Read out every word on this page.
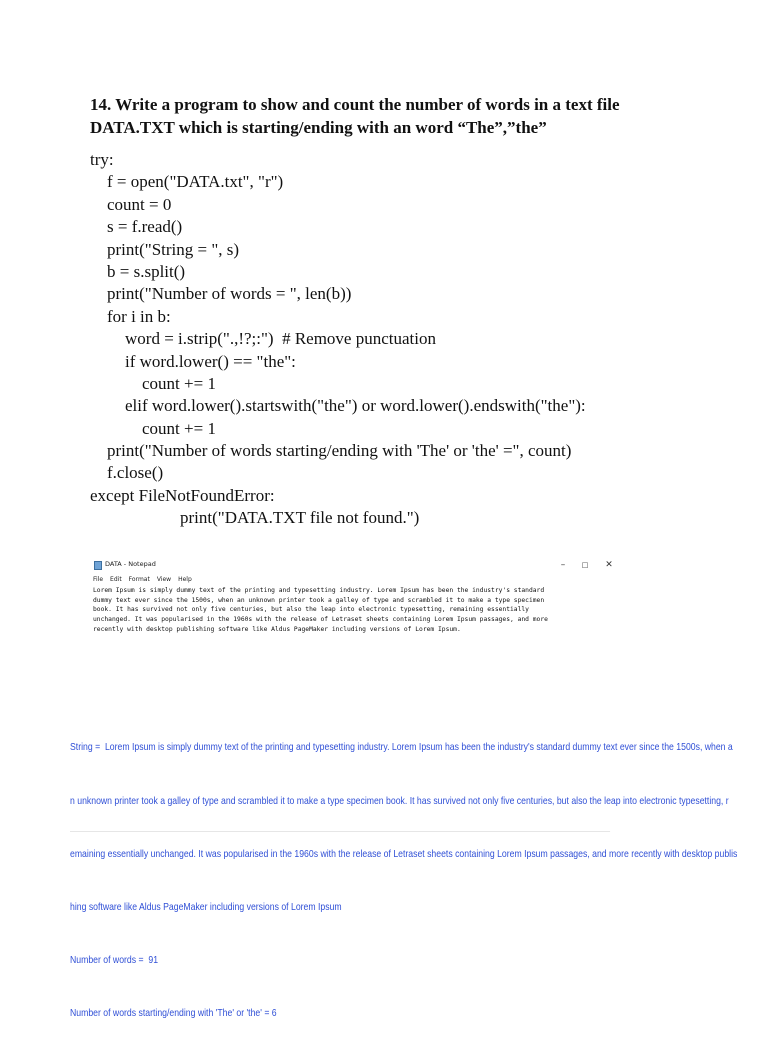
14. Write a program to show and count the number of words in a text file
DATA.TXT which is starting/ending with an word “The”,”the”
try:
f = open("DATA.txt", "r")
count = 0
s = f.read()
print("String = ", s)
b = s.split()
print("Number of words = ", len(b))
for i in b:
word = i.strip(".,!?;:")  # Remove punctuation
if word.lower() == "the":
count += 1
elif word.lower().startswith("the") or word.lower().endswith("the"):
count += 1
print("Number of words starting/ending with 'The' or 'the' =", count)
f.close()
except FileNotFoundError:
print("DATA.TXT file not found.")
DATA - Notepad	–	□	✕
File Edit Format View Help
Lorem Ipsum is simply dummy text of the printing and typesetting industry. Lorem Ipsum has been the industry's standard
dummy text ever since the 1500s, when an unknown printer took a galley of type and scrambled it to make a type specimen
book. It has survived not only five centuries, but also the leap into electronic typesetting, remaining essentially
unchanged. It was popularised in the 1960s with the release of Letraset sheets containing Lorem Ipsum passages, and more
recently with desktop publishing software like Aldus PageMaker including versions of Lorem Ipsum.

String =  Lorem Ipsum is simply dummy text of the printing and typesetting industry. Lorem Ipsum has been the industry's standard dummy text ever since the 1500s, when a

n unknown printer took a galley of type and scrambled it to make a type specimen book. It has survived not only five centuries, but also the leap into electronic typesetting, r

emaining essentially unchanged. It was popularised in the 1960s with the release of Letraset sheets containing Lorem Ipsum passages, and more recently with desktop publis

hing software like Aldus PageMaker including versions of Lorem Ipsum

Number of words =  91

Number of words starting/ending with 'The' or 'the' = 6
